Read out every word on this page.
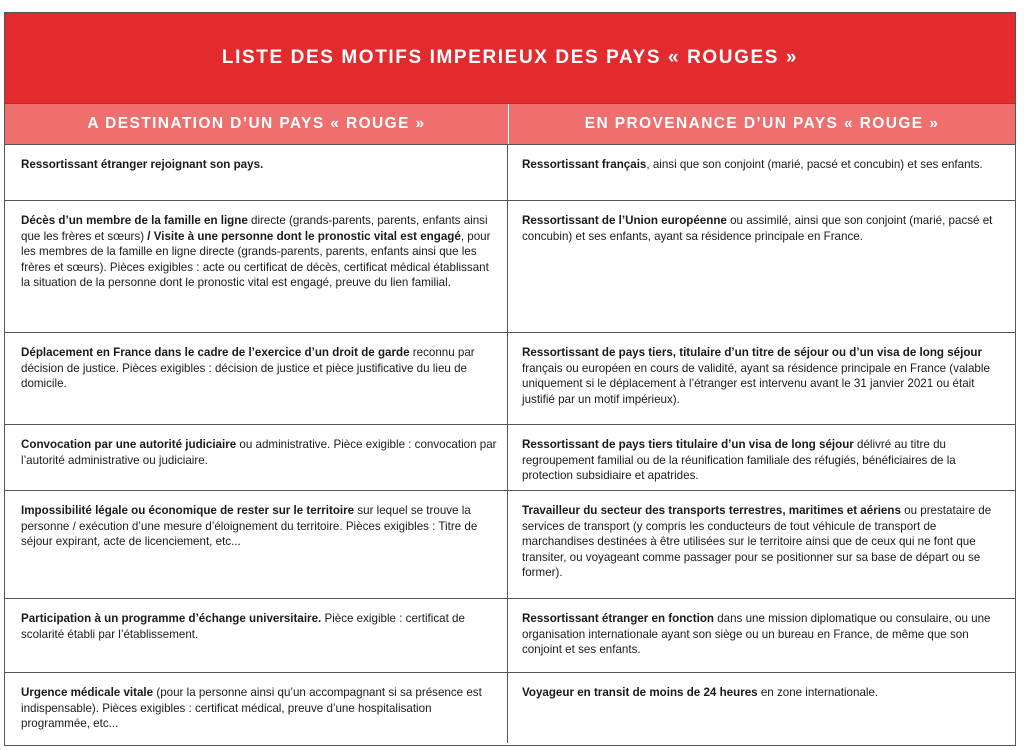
LISTE DES MOTIFS IMPERIEUX DES PAYS « ROUGES »
A DESTINATION D’UN PAYS « ROUGE »	EN PROVENANCE D’UN PAYS « ROUGE »
Ressortissant étranger rejoignant son pays.	Ressortissant français, ainsi que son conjoint (marié, pacsé et concubin) et ses enfants.
Décès d’un membre de la famille en ligne directe (grands-parents, parents, enfants ainsi que les frères et sœurs) / Visite à une personne dont le pronostic vital est engagé, pour les membres de la famille en ligne directe (grands-parents, parents, enfants ainsi que les frères et sœurs). Pièces exigibles : acte ou certificat de décès, certificat médical établissant la situation de la personne dont le pronostic vital est engagé, preuve du lien familial.
Ressortissant de l’Union européenne ou assimilé, ainsi que son conjoint (marié, pacsé et concubin) et ses enfants, ayant sa résidence principale en France.
Déplacement en France dans le cadre de l’exercice d’un droit de garde reconnu par décision de justice. Pièces exigibles : décision de justice et pièce justificative du lieu de domicile.
Ressortissant de pays tiers, titulaire d’un titre de séjour ou d’un visa de long séjour français ou européen en cours de validité, ayant sa résidence principale en France (valable uniquement si le déplacement à l’étranger est intervenu avant le 31 janvier 2021 ou était justifié par un motif impérieux).
Convocation par une autorité judiciaire ou administrative. Pièce exigible : convocation par l’autorité administrative ou judiciaire.
Ressortissant de pays tiers titulaire d’un visa de long séjour délivré au titre du regroupement familial ou de la réunification familiale des réfugiés, bénéficiaires de la protection subsidiaire et apatrides.
Impossibilité légale ou économique de rester sur le territoire sur lequel se trouve la personne / exécution d’une mesure d’éloignement du territoire. Pièces exigibles : Titre de séjour expirant, acte de licenciement, etc...
Travailleur du secteur des transports terrestres, maritimes et aériens ou prestataire de services de transport (y compris les conducteurs de tout véhicule de transport de marchandises destinées à être utilisées sur le territoire ainsi que de ceux qui ne font que transiter, ou voyageant comme passager pour se positionner sur sa base de départ ou se former).
Participation à un programme d’échange universitaire. Pièce exigible : certificat de scolarité établi par l’établissement.
Ressortissant étranger en fonction dans une mission diplomatique ou consulaire, ou une organisation internationale ayant son siège ou un bureau en France, de même que son conjoint et ses enfants.
Urgence médicale vitale (pour la personne ainsi qu’un accompagnant si sa présence est indispensable). Pièces exigibles : certificat médical, preuve d’une hospitalisation programmée, etc...
Voyageur en transit de moins de 24 heures en zone internationale.
